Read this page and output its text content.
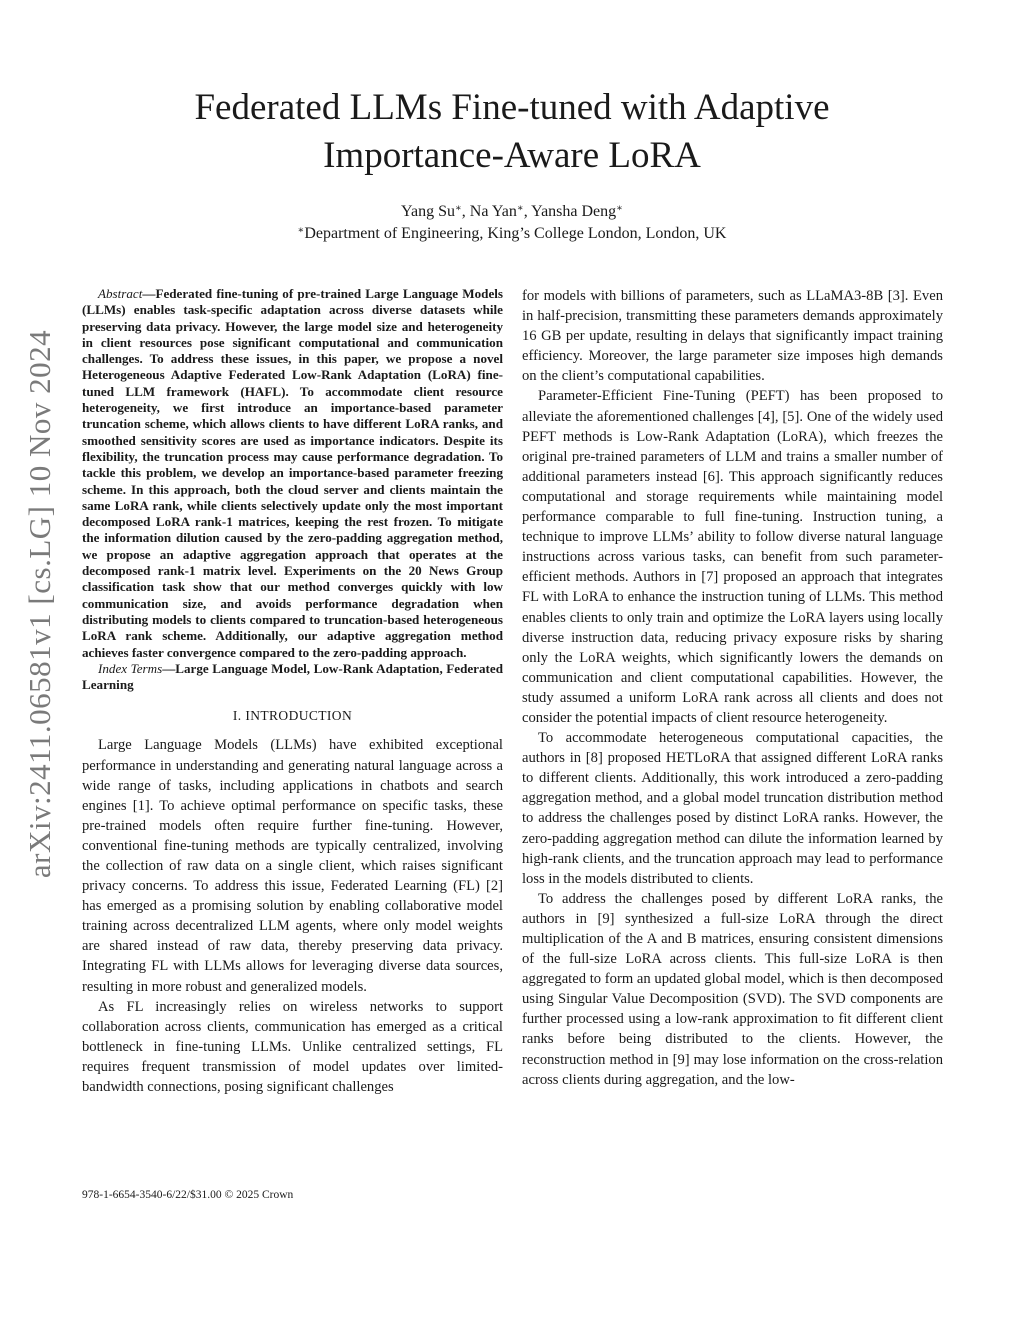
Federated LLMs Fine-tuned with Adaptive
Importance-Aware LoRA

Yang Su∗, Na Yan∗, Yansha Deng∗

∗Department of Engineering, King’s College London, London, UK

arXiv:2411.06581v1 [cs.LG] 10 Nov 2024

Abstract—Federated fine-tuning of pre-trained Large Language Models (LLMs) enables task-specific adaptation across diverse datasets while preserving data privacy. However, the large model size and heterogeneity in client resources pose significant computational and communication challenges. To address these issues, in this paper, we propose a novel Heterogeneous Adaptive Federated Low-Rank Adaptation (LoRA) fine-tuned LLM framework (HAFL). To accommodate client resource heterogeneity, we first introduce an importance-based parameter truncation scheme, which allows clients to have different LoRA ranks, and smoothed sensitivity scores are used as importance indicators. Despite its flexibility, the truncation process may cause performance degradation. To tackle this problem, we develop an importance-based parameter freezing scheme. In this approach, both the cloud server and clients maintain the same LoRA rank, while clients selectively update only the most important decomposed LoRA rank-1 matrices, keeping the rest frozen. To mitigate the information dilution caused by the zero-padding aggregation method, we propose an adaptive aggregation approach that operates at the decomposed rank-1 matrix level. Experiments on the 20 News Group classification task show that our method converges quickly with low communication size, and avoids performance degradation when distributing models to clients compared to truncation-based heterogeneous LoRA rank scheme. Additionally, our adaptive aggregation method achieves faster convergence compared to the zero-padding approach.

Index Terms—Large Language Model, Low-Rank Adaptation, Federated Learning

I. INTRODUCTION

Large Language Models (LLMs) have exhibited exceptional performance in understanding and generating natural language across a wide range of tasks, including applications in chatbots and search engines [1]. To achieve optimal performance on specific tasks, these pre-trained models often require further fine-tuning. However, conventional fine-tuning methods are typically centralized, involving the collection of raw data on a single client, which raises significant privacy concerns. To address this issue, Federated Learning (FL) [2] has emerged as a promising solution by enabling collaborative model training across decentralized LLM agents, where only model weights are shared instead of raw data, thereby preserving data privacy. Integrating FL with LLMs allows for leveraging diverse data sources, resulting in more robust and generalized models.

As FL increasingly relies on wireless networks to support collaboration across clients, communication has emerged as a critical bottleneck in fine-tuning LLMs. Unlike centralized settings, FL requires frequent transmission of model updates over limited-bandwidth connections, posing significant challenges

for models with billions of parameters, such as LLaMA3-8B [3]. Even in half-precision, transmitting these parameters demands approximately 16 GB per update, resulting in delays that significantly impact training efficiency. Moreover, the large parameter size imposes high demands on the client’s computational capabilities.

Parameter-Efficient Fine-Tuning (PEFT) has been proposed to alleviate the aforementioned challenges [4], [5]. One of the widely used PEFT methods is Low-Rank Adaptation (LoRA), which freezes the original pre-trained parameters of LLM and trains a smaller number of additional parameters instead [6]. This approach significantly reduces computational and storage requirements while maintaining model performance comparable to full fine-tuning. Instruction tuning, a technique to improve LLMs’ ability to follow diverse natural language instructions across various tasks, can benefit from such parameter-efficient methods. Authors in [7] proposed an approach that integrates FL with LoRA to enhance the instruction tuning of LLMs. This method enables clients to only train and optimize the LoRA layers using locally diverse instruction data, reducing privacy exposure risks by sharing only the LoRA weights, which significantly lowers the demands on communication and client computational capabilities. However, the study assumed a uniform LoRA rank across all clients and does not consider the potential impacts of client resource heterogeneity.

To accommodate heterogeneous computational capacities, the authors in [8] proposed HETLoRA that assigned different LoRA ranks to different clients. Additionally, this work introduced a zero-padding aggregation method, and a global model truncation distribution method to address the challenges posed by distinct LoRA ranks. However, the zero-padding aggregation method can dilute the information learned by high-rank clients, and the truncation approach may lead to performance loss in the models distributed to clients.

To address the challenges posed by different LoRA ranks, the authors in [9] synthesized a full-size LoRA through the direct multiplication of the A and B matrices, ensuring consistent dimensions of the full-size LoRA across clients. This full-size LoRA is then aggregated to form an updated global model, which is then decomposed using Singular Value Decomposition (SVD). The SVD components are further processed using a low-rank approximation to fit different client ranks before being distributed to the clients. However, the reconstruction method in [9] may lose information on the cross-relation across clients during aggregation, and the low-

978-1-6654-3540-6/22/$31.00 © 2025 Crown
